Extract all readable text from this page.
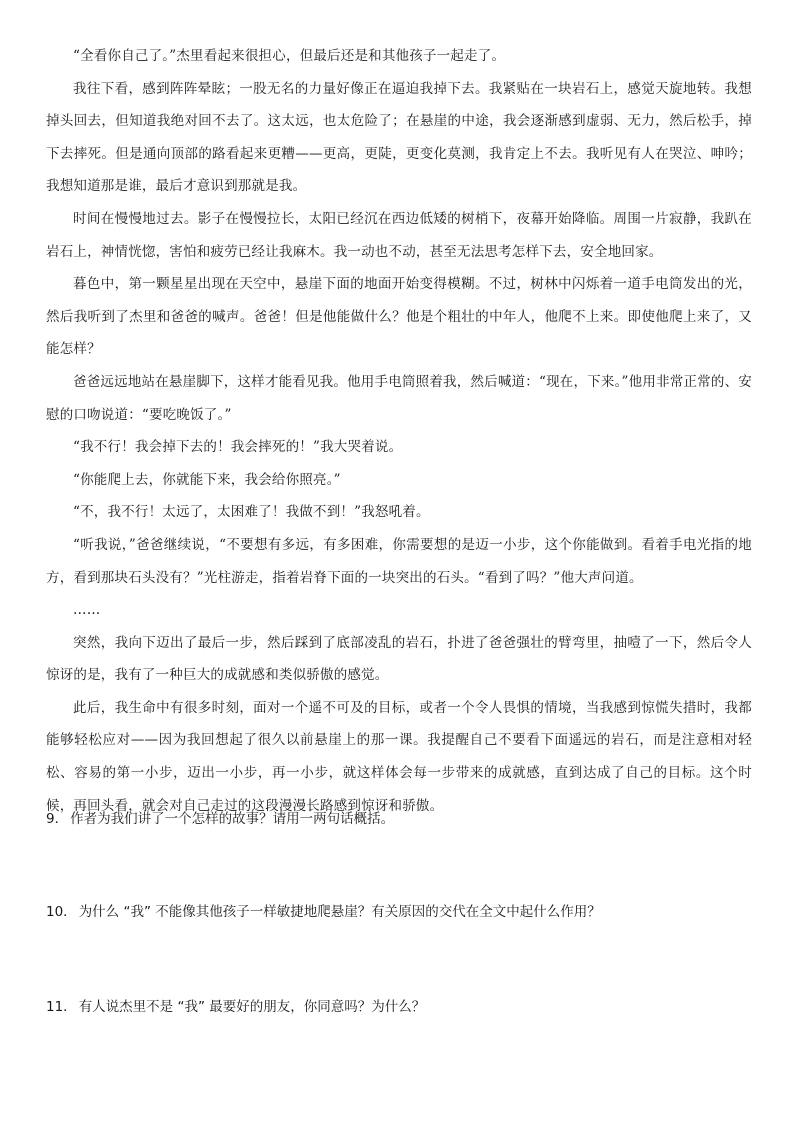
“全看你自己了。”杰里看起来很担心，但最后还是和其他孩子一起走了。

我往下看，感到阵阵晕眩；一股无名的力量好像正在逼迫我掉下去。我紧贴在一块岩石上，感觉天旋地转。我想掉头回去，但知道我绝对回不去了。这太远，也太危险了；在悬崖的中途，我会逐渐感到虚弱、无力，然后松手，掉下去摔死。但是通向顶部的路看起来更糟——更高，更陡，更变化莫测，我肯定上不去。我听见有人在哭泣、呻吟；我想知道那是谁，最后才意识到那就是我。

时间在慢慢地过去。影子在慢慢拉长，太阳已经沉在西边低矮的树梢下，夜幕开始降临。周围一片寂静，我趴在岩石上，神情恍惚，害怕和疲劳已经让我麻木。我一动也不动，甚至无法思考怎样下去，安全地回家。

暮色中，第一颗星星出现在天空中，悬崖下面的地面开始变得模糊。不过，树林中闪烁着一道手电筒发出的光，然后我听到了杰里和爸爸的喊声。爸爸！但是他能做什么？他是个粗壮的中年人，他爬不上来。即使他爬上来了，又能怎样？

爸爸远远地站在悬崖脚下，这样才能看见我。他用手电筒照着我，然后喊道：“现在，下来。”他用非常正常的、安慰的口吻说道：“要吃晚饭了。”

“我不行！我会掉下去的！我会摔死的！”我大哭着说。

“你能爬上去，你就能下来，我会给你照亮。”

“不，我不行！太远了，太困难了！我做不到！”我怒吼着。

“听我说，”爸爸继续说，“不要想有多远，有多困难，你需要想的是迈一小步，这个你能做到。看着手电光指的地方，看到那块石头没有？”光柱游走，指着岩脊下面的一块突出的石头。“看到了吗？”他大声问道。

……

突然，我向下迈出了最后一步，然后踩到了底部凌乱的岩石，扑进了爸爸强壮的臂弯里，抽噎了一下，然后令人惊讶的是，我有了一种巨大的成就感和类似骄傲的感觉。

此后，我生命中有很多时刻，面对一个遥不可及的目标，或者一个令人畏惧的情境，当我感到惊慌失措时，我都能够轻松应对——因为我回想起了很久以前悬崖上的那一课。我提醒自己不要看下面遥远的岩石，而是注意相对轻松、容易的第一小步，迈出一小步，再一小步，就这样体会每一步带来的成就感，直到达成了自己的目标。这个时候，再回头看，就会对自己走过的这段漫漫长路感到惊讶和骄傲。

9． 作者为我们讲了一个怎样的故事？请用一两句话概括。

10． 为什么 “我” 不能像其他孩子一样敏捷地爬悬崖？有关原因的交代在全文中起什么作用？

11． 有人说杰里不是 “我” 最要好的朋友，你同意吗？为什么？
